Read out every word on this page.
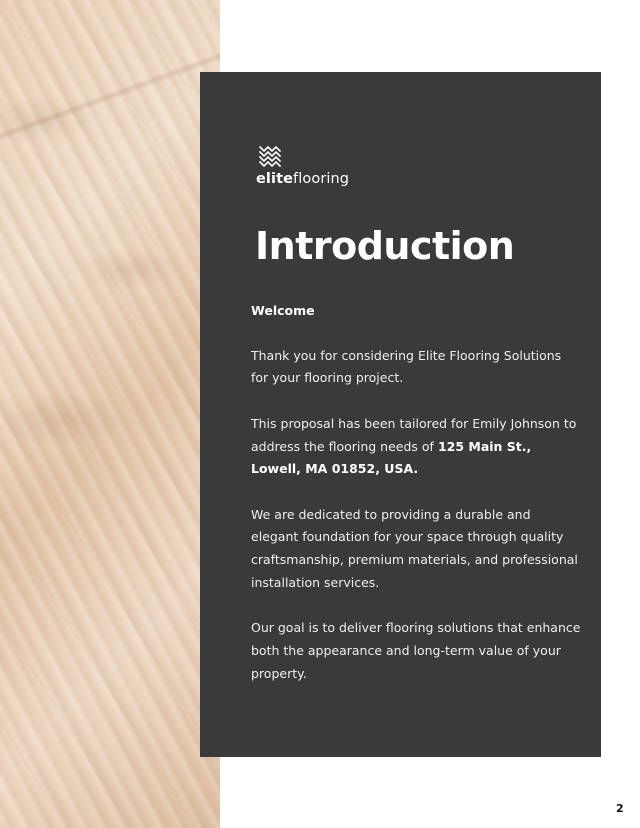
eliteflooring
Introduction
Welcome

Thank you for considering Elite Flooring Solutions for your flooring project.

This proposal has been tailored for Emily Johnson to address the flooring needs of 125 Main St., Lowell, MA 01852, USA.

We are dedicated to providing a durable and elegant foundation for your space through quality craftsmanship, premium materials, and professional installation services.

Our goal is to deliver flooring solutions that enhance both the appearance and long-term value of your property.

2
